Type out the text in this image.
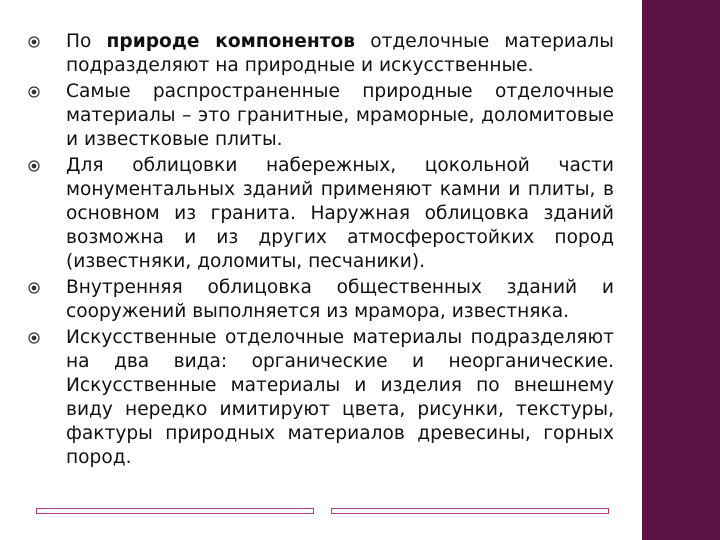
По природе компонентов отделочные материалы подразделяют на природные и искусственные.
Самые распространенные природные отделочные материалы – это гранитные, мраморные, доломитовые и известковые плиты.
Для облицовки набережных, цокольной части монументальных зданий применяют камни и плиты, в основном из гранита. Наружная облицовка зданий возможна и из других атмосферостойких пород (известняки, доломиты, песчаники).
Внутренняя облицовка общественных зданий и сооружений выполняется из мрамора, известняка.
Искусственные отделочные материалы подразделяют на два вида: органические и неорганические. Искусственные материалы и изделия по внешнему виду нередко имитируют цвета, рисунки, текстуры, фактуры природных материалов древесины, горных пород.
